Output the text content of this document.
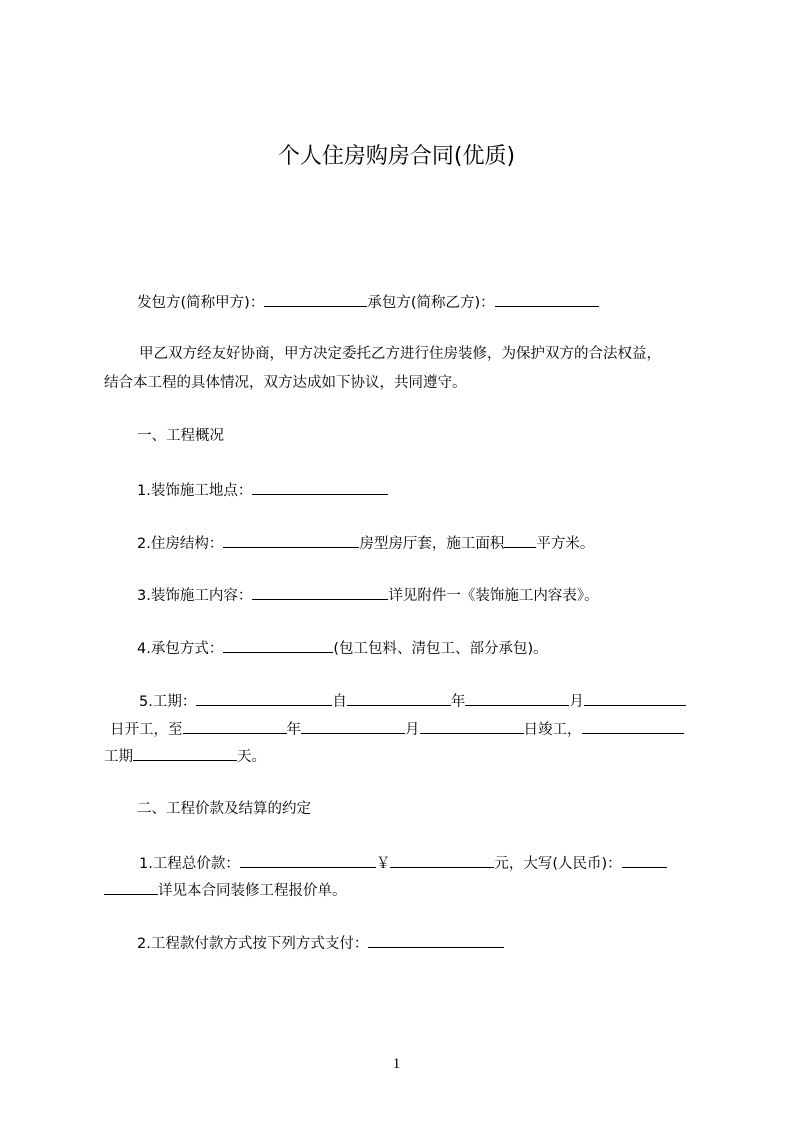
个人住房购房合同(优质)
发包方(简称甲方)：	承包方(简称乙方)：
甲乙双方经友好协商，甲方决定委托乙方进行住房装修，为保护双方的合法权益，
结合本工程的具体情况，双方达成如下协议，共同遵守。
一、工程概况
1.装饰施工地点：
2.住房结构：	房型房厅套，施工面积 平方米。
3.装饰施工内容：	详见附件一《装饰施工内容表》。
4.承包方式：	(包工包料、清包工、部分承包)。
5.工期：	自	年	月
日开工，至	年	月	日竣工，
工期	天。
二、工程价款及结算的约定
1.工程总价款：	￥	元，大写(人民币)：
详见本合同装修工程报价单。
2.工程款付款方式按下列方式支付：
1
